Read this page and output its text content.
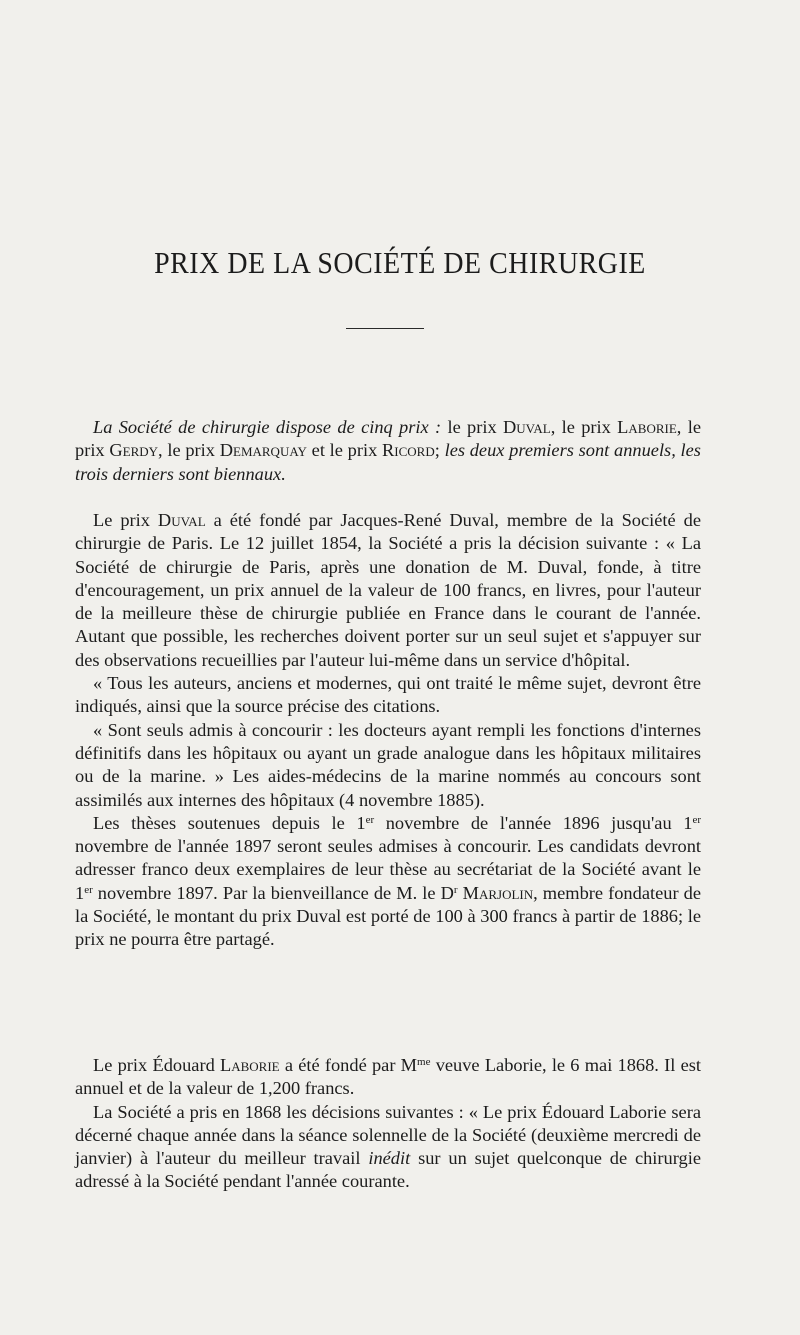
PRIX DE LA SOCIÉTÉ DE CHIRURGIE

La Société de chirurgie dispose de cinq prix : le prix Duval, le prix Laborie, le prix Gerdy, le prix Demarquay et le prix Ricord; les deux premiers sont annuels, les trois derniers sont biennaux.

Le prix Duval a été fondé par Jacques-René Duval, membre de la Société de chirurgie de Paris. Le 12 juillet 1854, la Société a pris la décision suivante : « La Société de chirurgie de Paris, après une donation de M. Duval, fonde, à titre d'encouragement, un prix annuel de la valeur de 100 francs, en livres, pour l'auteur de la meilleure thèse de chirurgie publiée en France dans le courant de l'année. Autant que possible, les recherches doivent porter sur un seul sujet et s'appuyer sur des observations recueillies par l'auteur lui-même dans un service d'hôpital.

« Tous les auteurs, anciens et modernes, qui ont traité le même sujet, devront être indiqués, ainsi que la source précise des citations.

« Sont seuls admis à concourir : les docteurs ayant rempli les fonctions d'internes définitifs dans les hôpitaux ou ayant un grade analogue dans les hôpitaux militaires ou de la marine. » Les aides-médecins de la marine nommés au concours sont assimilés aux internes des hôpitaux (4 novembre 1885).

Les thèses soutenues depuis le 1er novembre de l'année 1896 jusqu'au 1er novembre de l'année 1897 seront seules admises à concourir. Les candidats devront adresser franco deux exemplaires de leur thèse au secrétariat de la Société avant le 1er novembre 1897. Par la bienveillance de M. le $D^r$ Marjolin, membre fondateur de la Société, le montant du prix Duval est porté de 100 à 300 francs à partir de 1886; le prix ne pourra être partagé.

Le prix Édouard Laborie a été fondé par $M^{me}$ veuve Laborie, le 6 mai 1868. Il est annuel et de la valeur de 1,200 francs.

La Société a pris en 1868 les décisions suivantes : « Le prix Édouard Laborie sera décerné chaque année dans la séance solennelle de la Société (deuxième mercredi de janvier) à l'auteur du meilleur travail inédit sur un sujet quelconque de chirurgie adressé à la Société pendant l'année courante.
